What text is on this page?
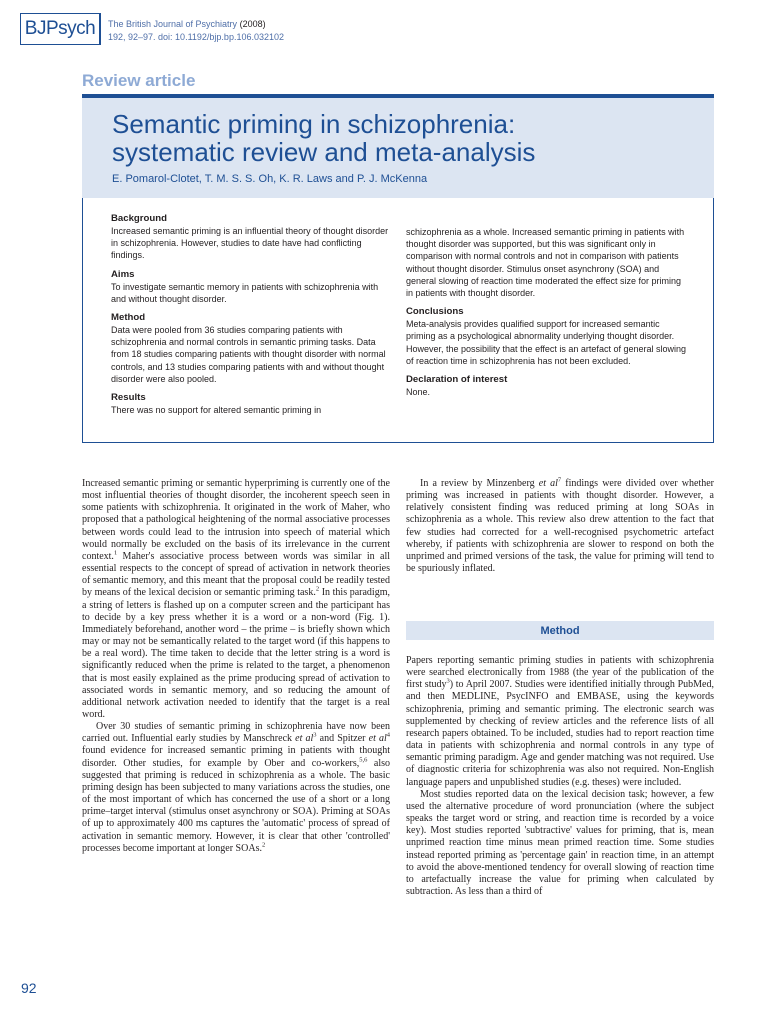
BJPsych	The British Journal of Psychiatry (2008)
192, 92–97. doi: 10.1192/bjp.bp.106.032102
Review article
Semantic priming in schizophrenia:
systematic review and meta-analysis
E. Pomarol-Clotet, T. M. S. S. Oh, K. R. Laws and P. J. McKenna
Background

Increased semantic priming is an influential theory of thought disorder in schizophrenia. However, studies to date have had conflicting findings.

Aims

To investigate semantic memory in patients with schizophrenia with and without thought disorder.

Method

Data were pooled from 36 studies comparing patients with schizophrenia and normal controls in semantic priming tasks. Data from 18 studies comparing patients with thought disorder with normal controls, and 13 studies comparing patients with and without thought disorder were also pooled.

Results

There was no support for altered semantic priming in

schizophrenia as a whole. Increased semantic priming in patients with thought disorder was supported, but this was significant only in comparison with normal controls and not in comparison with patients without thought disorder. Stimulus onset asynchrony (SOA) and general slowing of reaction time moderated the effect size for priming in patients with thought disorder.

Conclusions

Meta-analysis provides qualified support for increased semantic priming as a psychological abnormality underlying thought disorder. However, the possibility that the effect is an artefact of general slowing of reaction time in schizophrenia has not been excluded.

Declaration of interest

None.

Increased semantic priming or semantic hyperpriming is currently one of the most influential theories of thought disorder, the incoherent speech seen in some patients with schizophrenia. It originated in the work of Maher, who proposed that a pathological heightening of the normal associative processes between words could lead to the intrusion into speech of material which would normally be excluded on the basis of its irrelevance in the current context.$^1$ Maher's associative process between words was similar in all essential respects to the concept of spread of activation in network theories of semantic memory, and this meant that the proposal could be readily tested by means of the lexical decision or semantic priming task.$^2$ In this paradigm, a string of letters is flashed up on a computer screen and the participant has to decide by a key press whether it is a word or a non-word (Fig. 1). Immediately beforehand, another word – the prime – is briefly shown which may or may not be semantically related to the target word (if this happens to be a real word). The time taken to decide that the letter string is a word is significantly reduced when the prime is related to the target, a phenomenon that is most easily explained as the prime producing spread of activation to associated words in semantic memory, and so reducing the amount of additional network activation needed to identify that the target is a real word.

Over 30 studies of semantic priming in schizophrenia have now been carried out. Influential early studies by Manschreck et $al^3$ and Spitzer et $al^4$ found evidence for increased semantic priming in patients with thought disorder. Other studies, for example by Ober and co-workers,$^{5,6}$ also suggested that priming is reduced in schizophrenia as a whole. The basic priming design has been subjected to many variations across the studies, one of the most important of which has concerned the use of a short or a long prime–target interval (stimulus onset asynchrony or SOA). Priming at SOAs of up to approximately 400 ms captures the 'automatic' process of spread of activation in semantic memory. However, it is clear that other 'controlled' processes become important at longer SOAs.$^2$

In a review by Minzenberg et $al^7$ findings were divided over whether priming was increased in patients with thought disorder. However, a relatively consistent finding was reduced priming at long SOAs in schizophrenia as a whole. This review also drew attention to the fact that few studies had corrected for a well-recognised psychometric artefact whereby, if patients with schizophrenia are slower to respond on both the unprimed and primed versions of the task, the value for priming will tend to be spuriously inflated.

Method

Papers reporting semantic priming studies in patients with schizophrenia were searched electronically from 1988 (the year of the publication of the first study$^3$) to April 2007. Studies were identified initially through PubMed, and then MEDLINE, PsycINFO and EMBASE, using the keywords schizophrenia, priming and semantic priming. The electronic search was supplemented by checking of review articles and the reference lists of all research papers obtained. To be included, studies had to report reaction time data in patients with schizophrenia and normal controls in any type of semantic priming paradigm. Age and gender matching was not required. Use of diagnostic criteria for schizophrenia was also not required. Non-English language papers and unpublished studies (e.g. theses) were included.

Most studies reported data on the lexical decision task; however, a few used the alternative procedure of word pronunciation (where the subject speaks the target word or string, and reaction time is recorded by a voice key). Most studies reported 'subtractive' values for priming, that is, mean unprimed reaction time minus mean primed reaction time. Some studies instead reported priming as 'percentage gain' in reaction time, in an attempt to avoid the above-mentioned tendency for overall slowing of reaction time to artefactually increase the value for priming when calculated by subtraction. As less than a third of

92
